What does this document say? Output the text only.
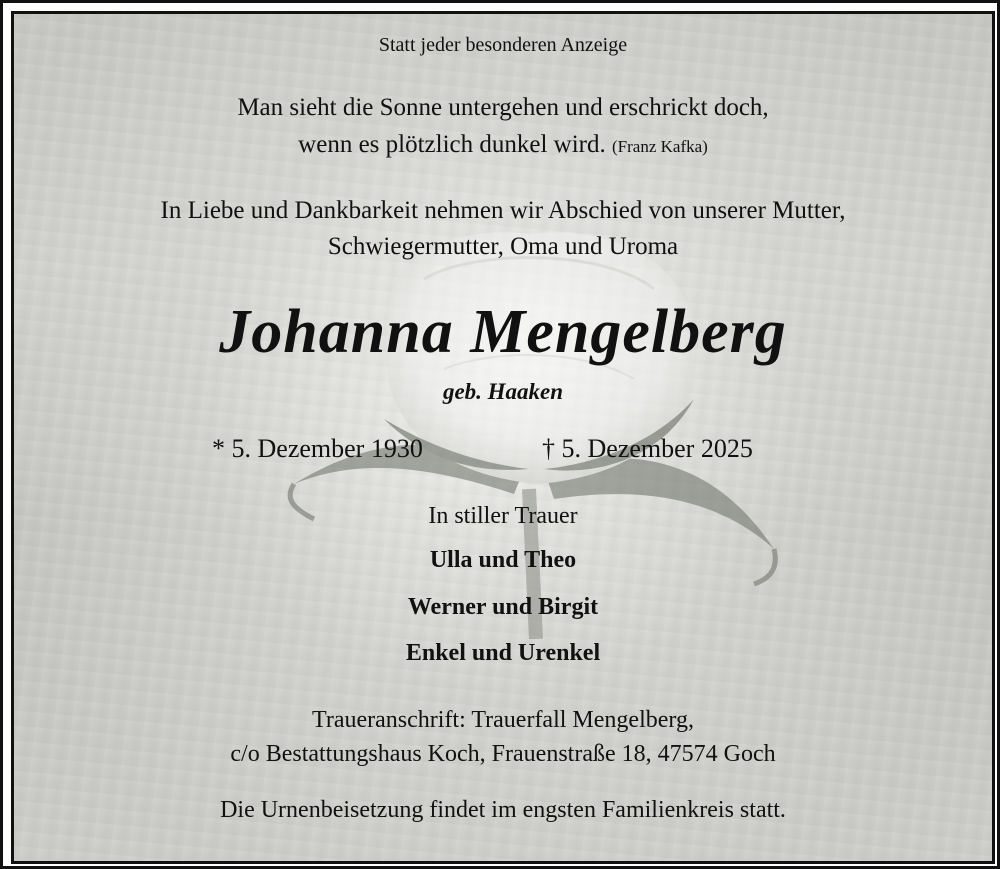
Statt jeder besonderen Anzeige
Man sieht die Sonne untergehen und erschrickt doch,
wenn es plötzlich dunkel wird. (Franz Kafka)
In Liebe und Dankbarkeit nehmen wir Abschied von unserer Mutter,
Schwiegermutter, Oma und Uroma
Johanna Mengelberg
geb. Haaken
* 5. Dezember 1930	† 5. Dezember 2025
In stiller Trauer
Ulla und Theo
Werner und Birgit
Enkel und Urenkel
Traueranschrift: Trauerfall Mengelberg,
c/o Bestattungshaus Koch, Frauenstraße 18, 47574 Goch
Die Urnenbeisetzung findet im engsten Familienkreis statt.
